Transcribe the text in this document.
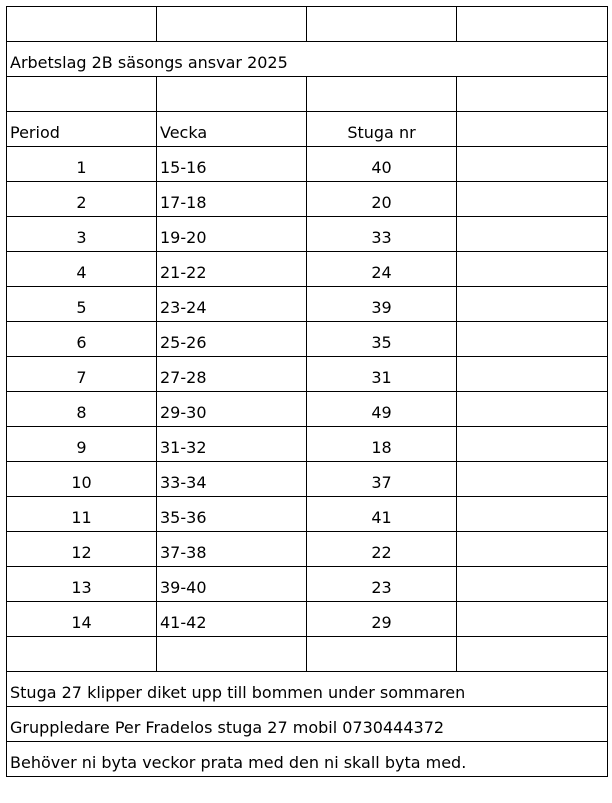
Arbetslag 2B säsongs ansvar 2025			

Period	Vecka	Stuga nr	
1	15-16	40	
2	17-18	20	
3	19-20	33	
4	21-22	24	
5	23-24	39	
6	25-26	35	
7	27-28	31	
8	29-30	49	
9	31-32	18	
10	33-34	37	
11	35-36	41	
12	37-38	22	
13	39-40	23	
14	41-42	29	

Stuga 27 klipper diket upp till bommen under sommaren			
Gruppledare Per Fradelos stuga 27 mobil 0730444372			
Behöver ni byta veckor prata med den ni skall byta med.			
